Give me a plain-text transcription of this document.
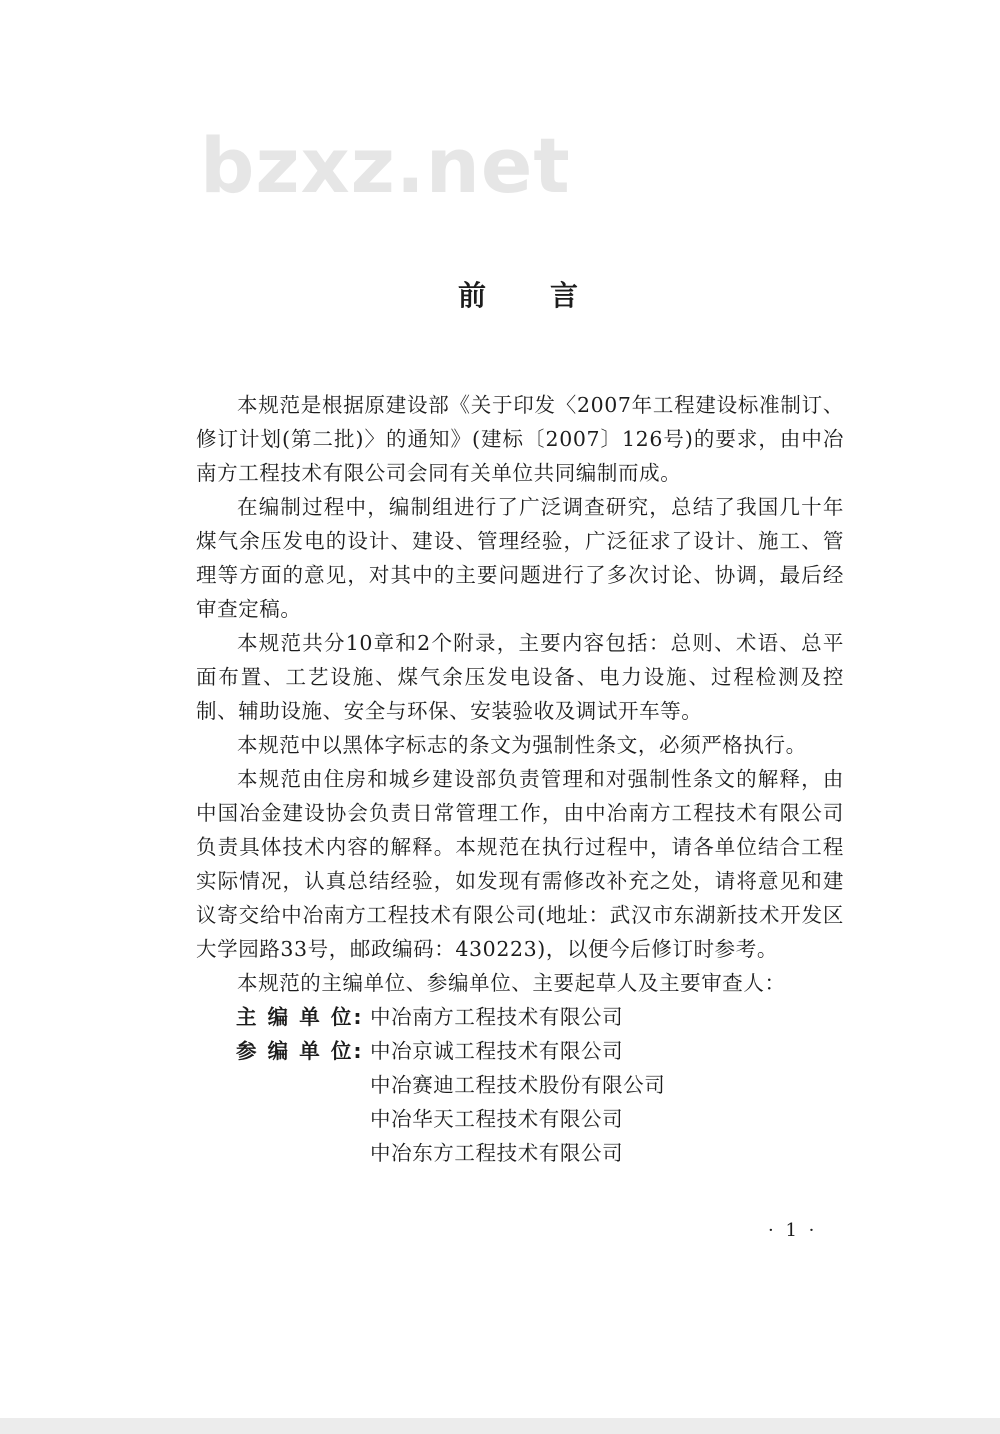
bzxz.net
前 言

本规范是根据原建设部《关于印发〈2007年工程建设标准制订、修订计划(第二批)〉的通知》(建标〔2007〕126号)的要求，由中冶南方工程技术有限公司会同有关单位共同编制而成。

在编制过程中，编制组进行了广泛调查研究，总结了我国几十年煤气余压发电的设计、建设、管理经验，广泛征求了设计、施工、管理等方面的意见，对其中的主要问题进行了多次讨论、协调，最后经审查定稿。

本规范共分10章和2个附录，主要内容包括：总则、术语、总平面布置、工艺设施、煤气余压发电设备、电力设施、过程检测及控制、辅助设施、安全与环保、安装验收及调试开车等。

本规范中以黑体字标志的条文为强制性条文，必须严格执行。

本规范由住房和城乡建设部负责管理和对强制性条文的解释，由中国冶金建设协会负责日常管理工作，由中冶南方工程技术有限公司负责具体技术内容的解释。本规范在执行过程中，请各单位结合工程实际情况，认真总结经验，如发现有需修改补充之处，请将意见和建议寄交给中冶南方工程技术有限公司(地址：武汉市东湖新技术开发区大学园路33号，邮政编码：430223)，以便今后修订时参考。

本规范的主编单位、参编单位、主要起草人及主要审查人：

主 编 单 位: 中冶南方工程技术有限公司
参 编 单 位: 中冶京诚工程技术有限公司
中冶赛迪工程技术股份有限公司
中冶华天工程技术有限公司
中冶东方工程技术有限公司
· 1 ·
